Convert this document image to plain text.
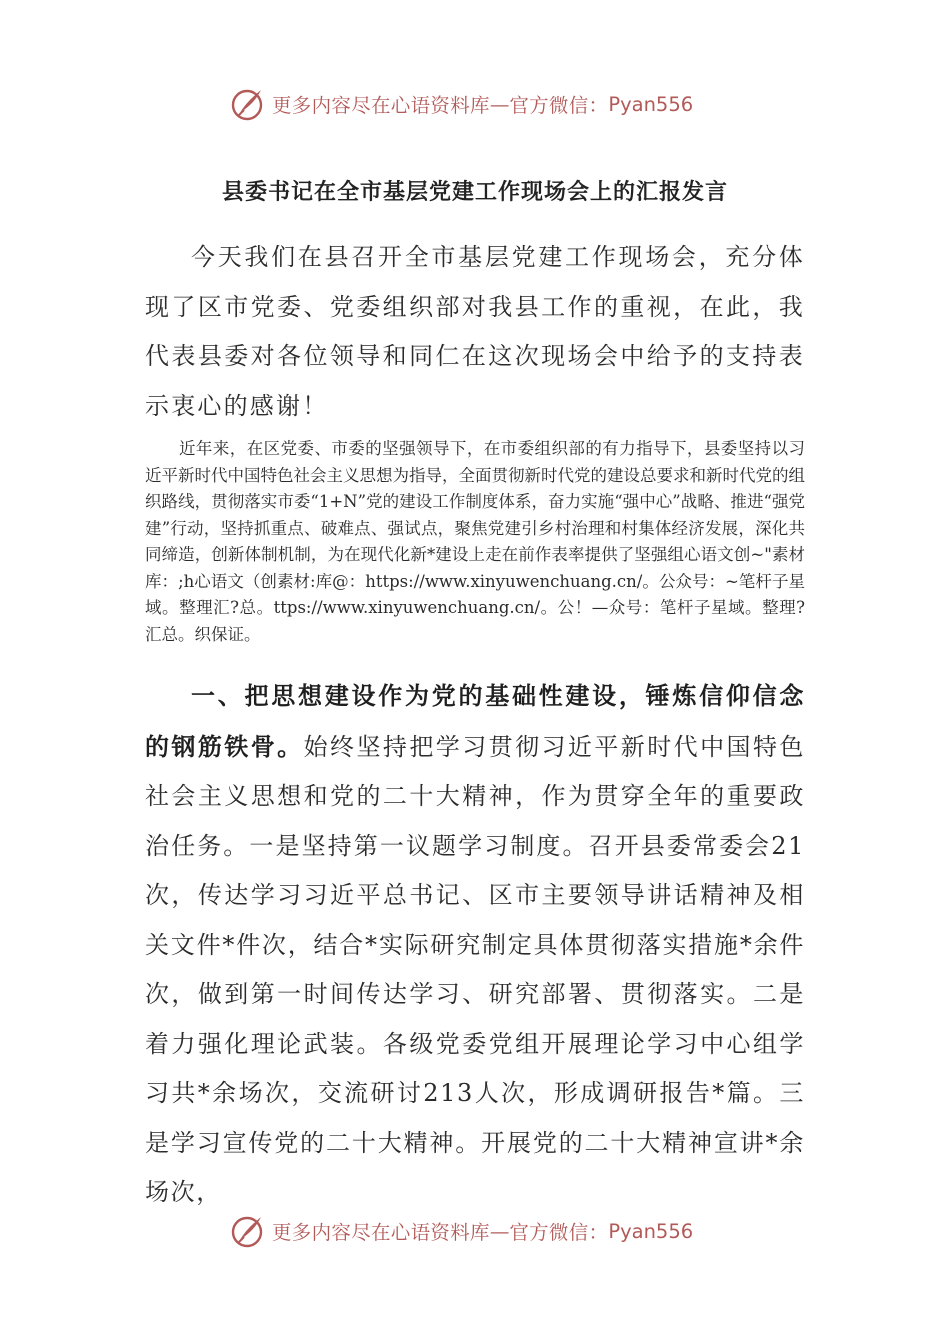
更多内容尽在心语资料库 — 官方微信： Pyan556
县委书记在全市基层党建工作现场会上的汇报发言

今天我们在县召开全市基层党建工作现场会，充分体现了区市党委、党委组织部对我县工作的重视，在此，我代表县委对各位领导和同仁在这次现场会中给予的支持表示衷心的感谢！

近年来，在区党委、市委的坚强领导下，在市委组织部的有力指导下，县委坚持以习近平新时代中国特色社会主义思想为指导，全面贯彻新时代党的建设总要求和新时代党的组织路线，贯彻落实市委“1+N”党的建设工作制度体系，奋力实施“强中心”战略、推进“强党建”行动，坚持抓重点、破难点、强试点，聚焦党建引乡村治理和村集体经济发展，深化共同缔造，创新体制机制，为在现代化新*建设上走在前作表率提供了坚强组心语文创~"素材库：;h心语文（创素材:库@：https://www.xinyuwenchuang.cn/。公众号：~笔杆子星域。整理汇?总。ttps://www.xinyuwenchuang.cn/。公！—众号：笔杆子星域。整理?汇总。织保证。

一、把思想建设作为党的基础性建设，锤炼信仰信念的钢筋铁骨。始终坚持把学习贯彻习近平新时代中国特色社会主义思想和党的二十大精神，作为贯穿全年的重要政治任务。一是坚持第一议题学习制度。召开县委常委会21次，传达学习习近平总书记、区市主要领导讲话精神及相关文件*件次，结合*实际研究制定具体贯彻落实措施*余件次，做到第一时间传达学习、研究部署、贯彻落实。二是着力强化理论武装。各级党委党组开展理论学习中心组学习共*余场次，交流研讨213人次，形成调研报告*篇。三是学习宣传党的二十大精神。开展党的二十大精神宣讲*余场次，

更多内容尽在心语资料库 — 官方微信： Pyan556
